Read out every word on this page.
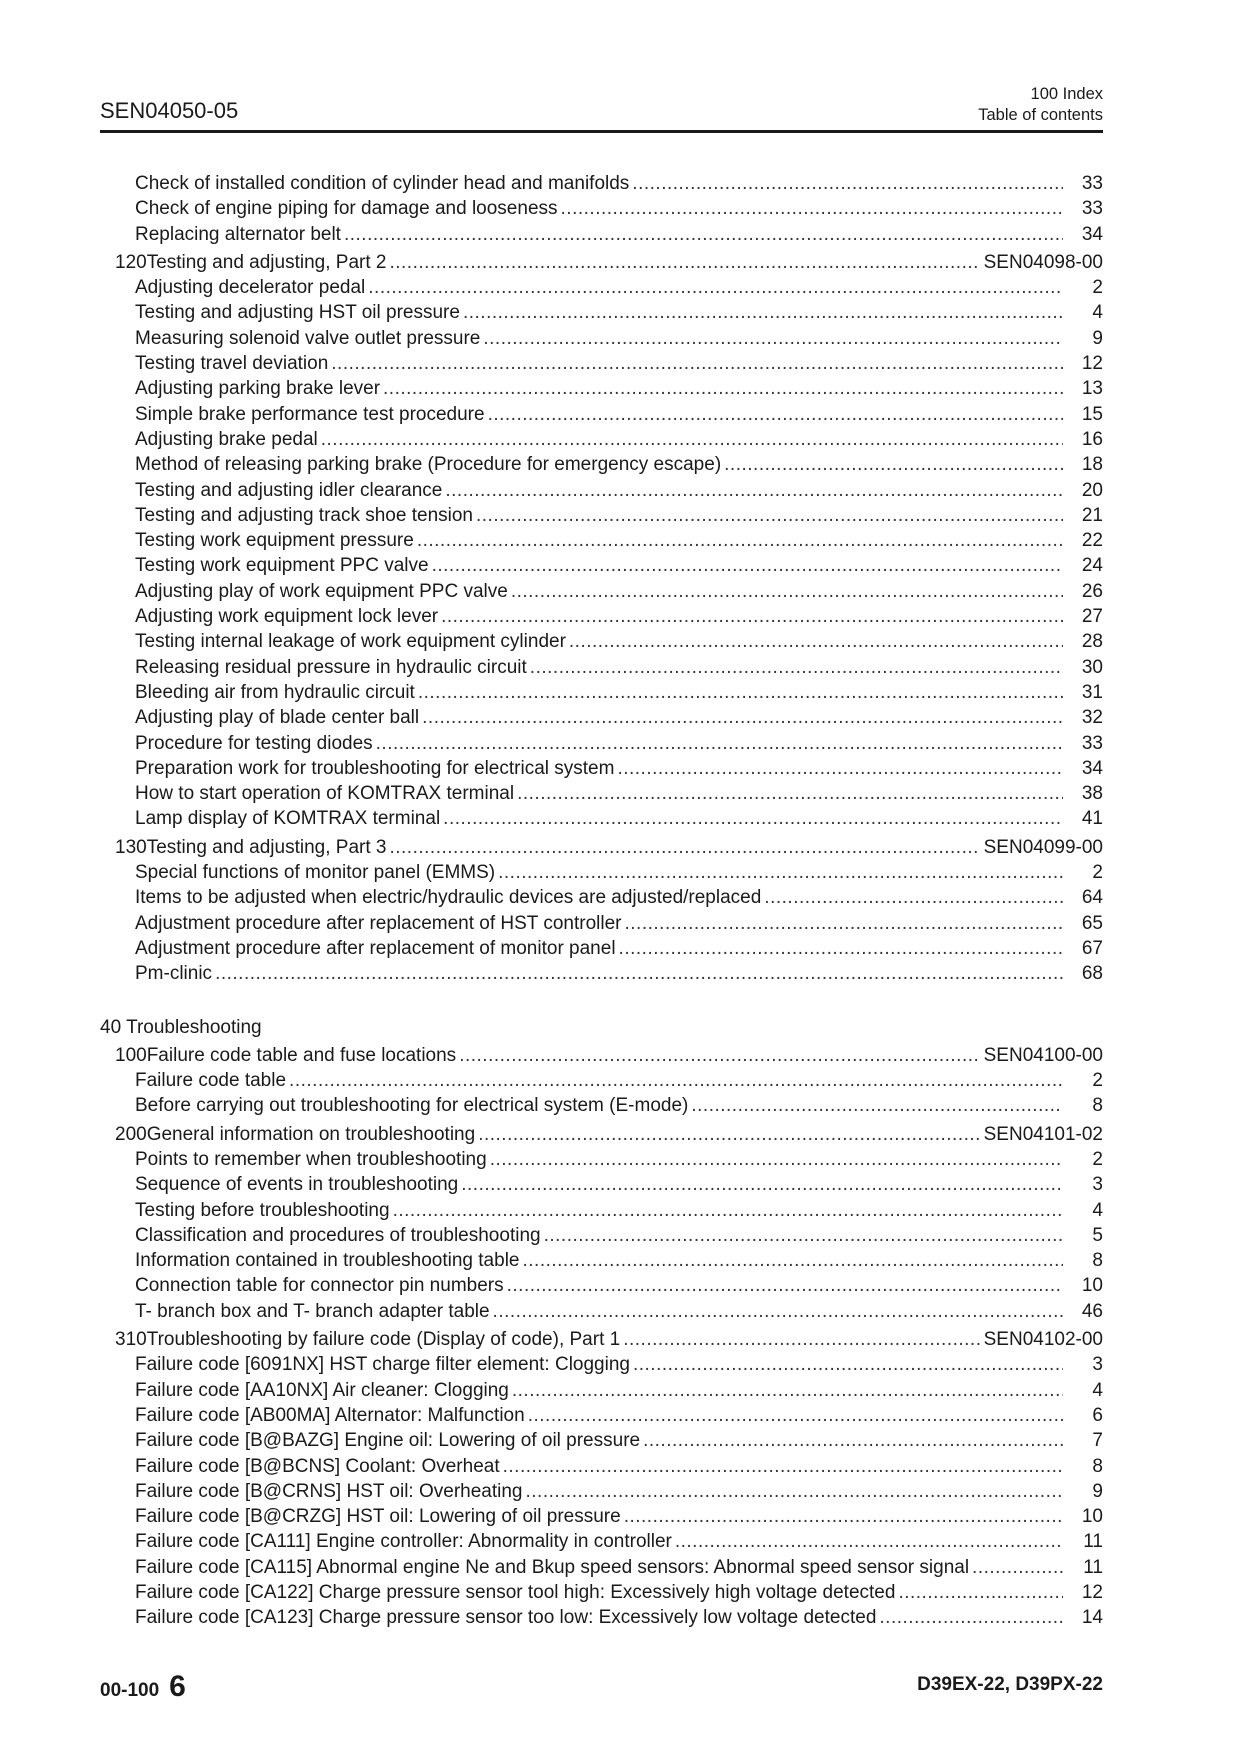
SEN04050-05
100 Index
Table of contents
Check of installed condition of cylinder head and manifolds .....	33
Check of engine piping for damage and looseness .....	33
Replacing alternator belt .....	34
120 Testing and adjusting, Part 2 .....	SEN04098-00
Adjusting decelerator pedal .....	2
Testing and adjusting HST oil pressure .....	4
Measuring solenoid valve outlet pressure .....	9
Testing travel deviation .....	12
Adjusting parking brake lever .....	13
Simple brake performance test procedure .....	15
Adjusting brake pedal .....	16
Method of releasing parking brake (Procedure for emergency escape) .....	18
Testing and adjusting idler clearance .....	20
Testing and adjusting track shoe tension .....	21
Testing work equipment pressure .....	22
Testing work equipment PPC valve .....	24
Adjusting play of work equipment PPC valve .....	26
Adjusting work equipment lock lever .....	27
Testing internal leakage of work equipment cylinder .....	28
Releasing residual pressure in hydraulic circuit .....	30
Bleeding air from hydraulic circuit .....	31
Adjusting play of blade center ball .....	32
Procedure for testing diodes .....	33
Preparation work for troubleshooting for electrical system .....	34
How to start operation of KOMTRAX terminal .....	38
Lamp display of KOMTRAX terminal .....	41
130 Testing and adjusting, Part 3 .....	SEN04099-00
Special functions of monitor panel (EMMS) .....	2
Items to be adjusted when electric/hydraulic devices are adjusted/replaced .....	64
Adjustment procedure after replacement of HST controller .....	65
Adjustment procedure after replacement of monitor panel .....	67
Pm-clinic .....	68
40 Troubleshooting
100 Failure code table and fuse locations .....	SEN04100-00
Failure code table .....	2
Before carrying out troubleshooting for electrical system (E-mode) .....	8
200 General information on troubleshooting .....	SEN04101-02
Points to remember when troubleshooting .....	2
Sequence of events in troubleshooting .....	3
Testing before troubleshooting .....	4
Classification and procedures of troubleshooting .....	5
Information contained in troubleshooting table .....	8
Connection table for connector pin numbers .....	10
T- branch box and T- branch adapter table .....	46
310 Troubleshooting by failure code (Display of code), Part 1 .....	SEN04102-00
Failure code [6091NX] HST charge filter element: Clogging .....	3
Failure code [AA10NX] Air cleaner: Clogging .....	4
Failure code [AB00MA] Alternator: Malfunction .....	6
Failure code [B@BAZG] Engine oil: Lowering of oil pressure .....	7
Failure code [B@BCNS] Coolant: Overheat .....	8
Failure code [B@CRNS] HST oil: Overheating .....	9
Failure code [B@CRZG] HST oil: Lowering of oil pressure .....	10
Failure code [CA111] Engine controller: Abnormality in controller .....	11
Failure code [CA115] Abnormal engine Ne and Bkup speed sensors: Abnormal speed sensor signal .....	11
Failure code [CA122] Charge pressure sensor tool high: Excessively high voltage detected .....	12
Failure code [CA123] Charge pressure sensor too low: Excessively low voltage detected .....	14
00-100 6	D39EX-22, D39PX-22
